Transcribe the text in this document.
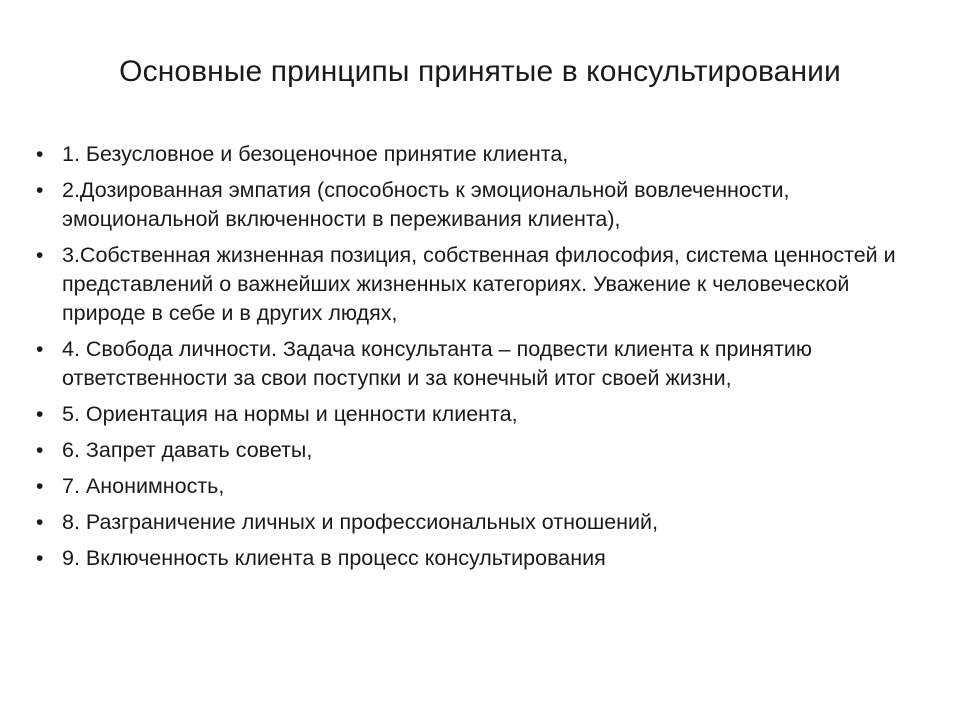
Основные принципы принятые в консультировании
• 1. Безусловное и безоценочное принятие клиента,
• 2.Дозированная эмпатия (способность к эмоциональной вовлеченности, эмоциональной включенности в переживания клиента),
• 3.Собственная жизненная позиция, собственная философия, система ценностей и представлений о важнейших жизненных категориях. Уважение к человеческой природе в себе и в других людях,
• 4. Свобода личности. Задача консультанта – подвести клиента к принятию ответственности за свои поступки и за конечный итог своей жизни,
• 5. Ориентация на нормы и ценности клиента,
• 6. Запрет давать советы,
• 7. Анонимность,
• 8. Разграничение личных и профессиональных отношений,
• 9. Включенность клиента в процесс консультирования
